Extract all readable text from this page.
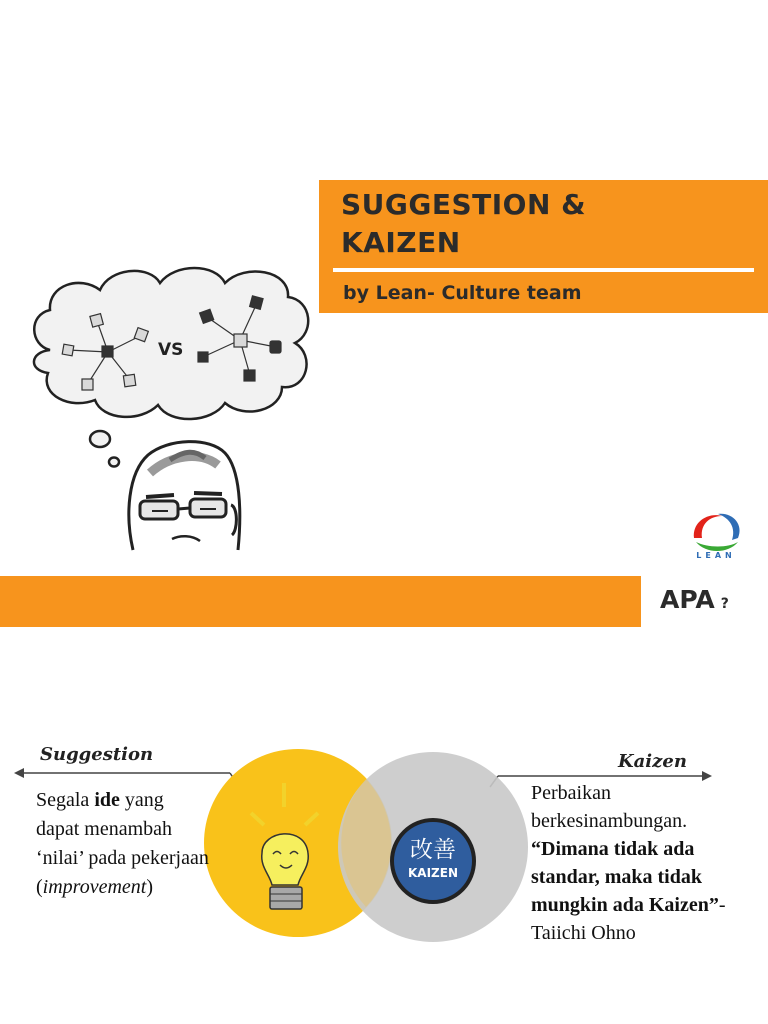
SUGGESTION &
KAIZEN
by Lean- Culture team
VS
LEAN
APA ?
改善
KAIZEN
Suggestion	Kaizen
Segala ide yang dapat menambah ‘nilai’ pada pekerjaan (improvement)
Perbaikan berkesinambungan. “Dimana tidak ada standar, maka tidak mungkin ada Kaizen”-Taiichi Ohno
